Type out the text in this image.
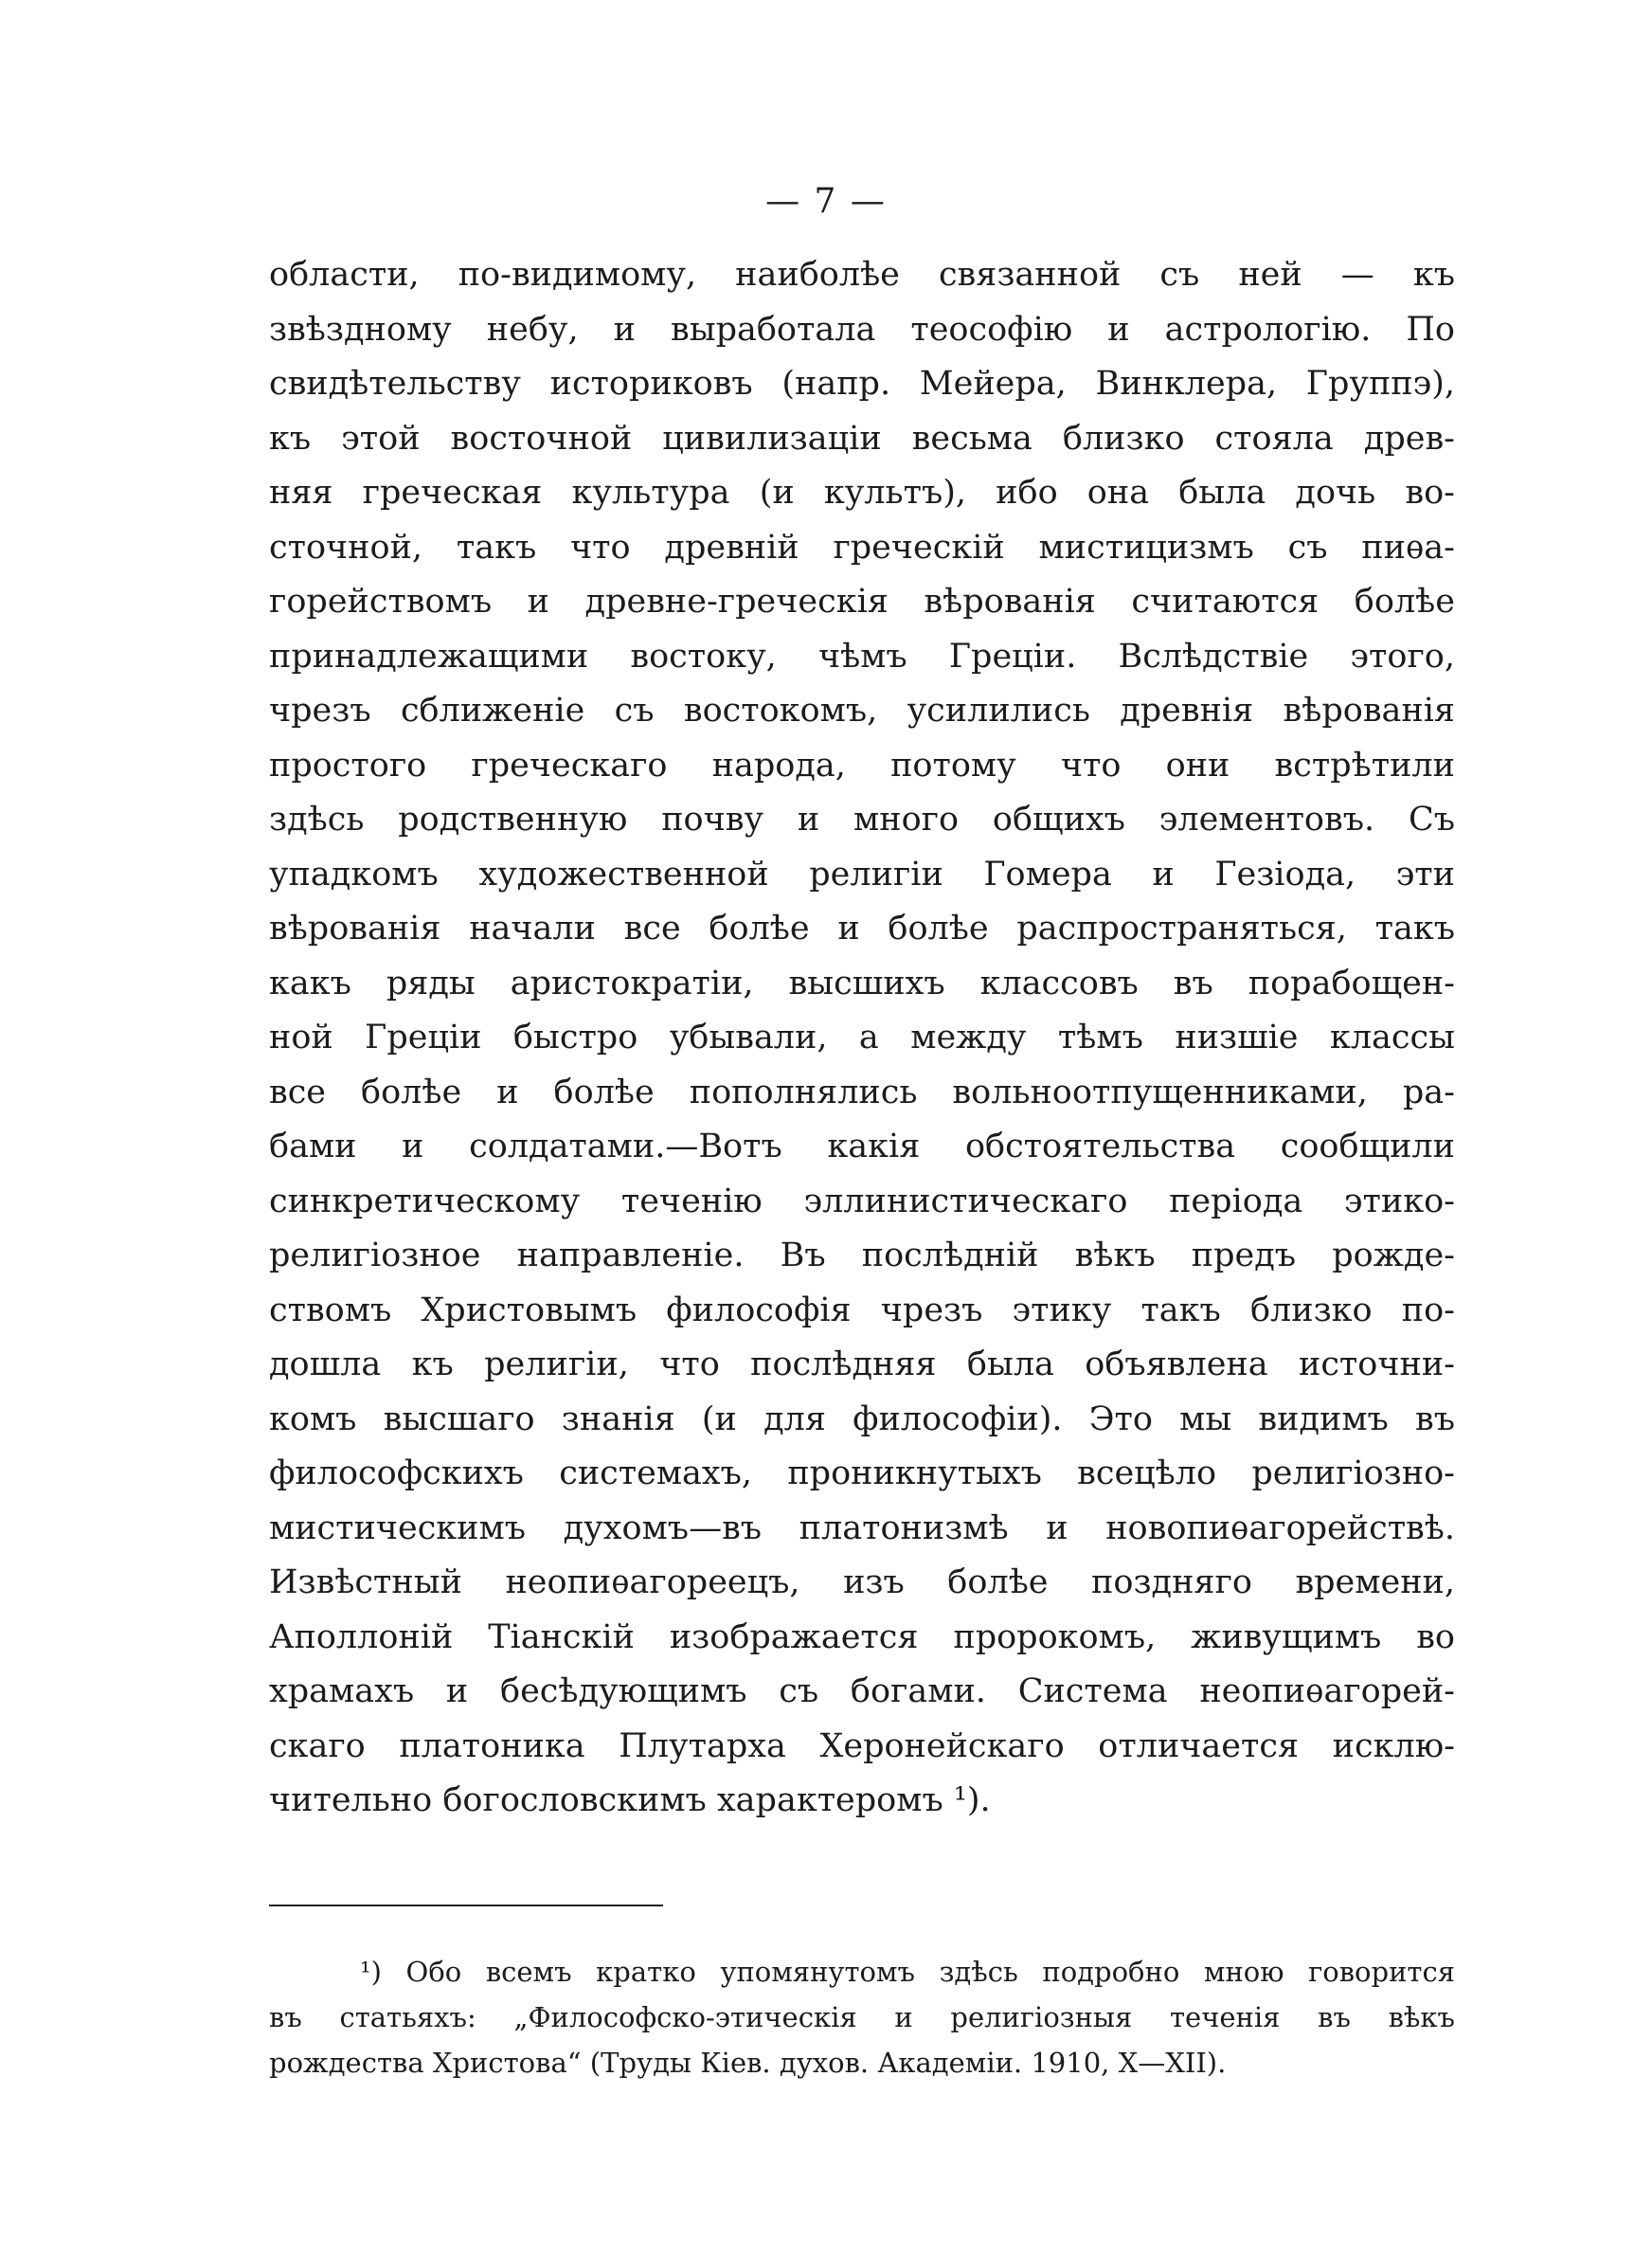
— 7 —
области, по-видимому, наиболѣе связанной съ ней — къ
звѣздному небу, и выработала теософію и астрологію. По
свидѣтельству историковъ (напр. Мейера, Винклера, Группэ),
къ этой восточной цивилизаціи весьма близко стояла древ-
няя греческая культура (и культъ), ибо она была дочь во-
сточной, такъ что древній греческій мистицизмъ съ пиѳа-
горействомъ и древне-греческія вѣрованія считаются болѣе
принадлежащими востоку, чѣмъ Греціи. Вслѣдствіе этого,
чрезъ сближеніе съ востокомъ, усилились древнія вѣрованія
простого греческаго народа, потому что они встрѣтили
здѣсь родственную почву и много общихъ элементовъ. Съ
упадкомъ художественной религіи Гомера и Гезіода, эти
вѣрованія начали все болѣе и болѣе распространяться, такъ
какъ ряды аристократіи, высшихъ классовъ въ порабощен-
ной Греціи быстро убывали, а между тѣмъ низшіе классы
все болѣе и болѣе пополнялись вольноотпущенниками, ра-
бами и солдатами.—Вотъ какія обстоятельства сообщили
синкретическому теченію эллинистическаго періода этико-
религіозное направленіе. Въ послѣдній вѣкъ предъ рожде-
ствомъ Христовымъ философія чрезъ этику такъ близко по-
дошла къ религіи, что послѣдняя была объявлена источни-
комъ высшаго знанія (и для философіи). Это мы видимъ въ
философскихъ системахъ, проникнутыхъ всецѣло религіозно-
мистическимъ духомъ—въ платонизмѣ и новопиѳагорействѣ.
Извѣстный неопиѳагореецъ, изъ болѣе поздняго времени,
Аполлоній Тіанскій изображается пророкомъ, живущимъ во
храмахъ и бесѣдующимъ съ богами. Система неопиѳагорей-
скаго платоника Плутарха Херонейскаго отличается исклю-
чительно богословскимъ характеромъ ¹).
¹) Обо всемъ кратко упомянутомъ здѣсь подробно мною говорится
въ статьяхъ: „Философско-этическія и религіозныя теченія въ вѣкъ
рождества Христова“ (Труды Кіев. духов. Академіи. 1910, X—XII).
